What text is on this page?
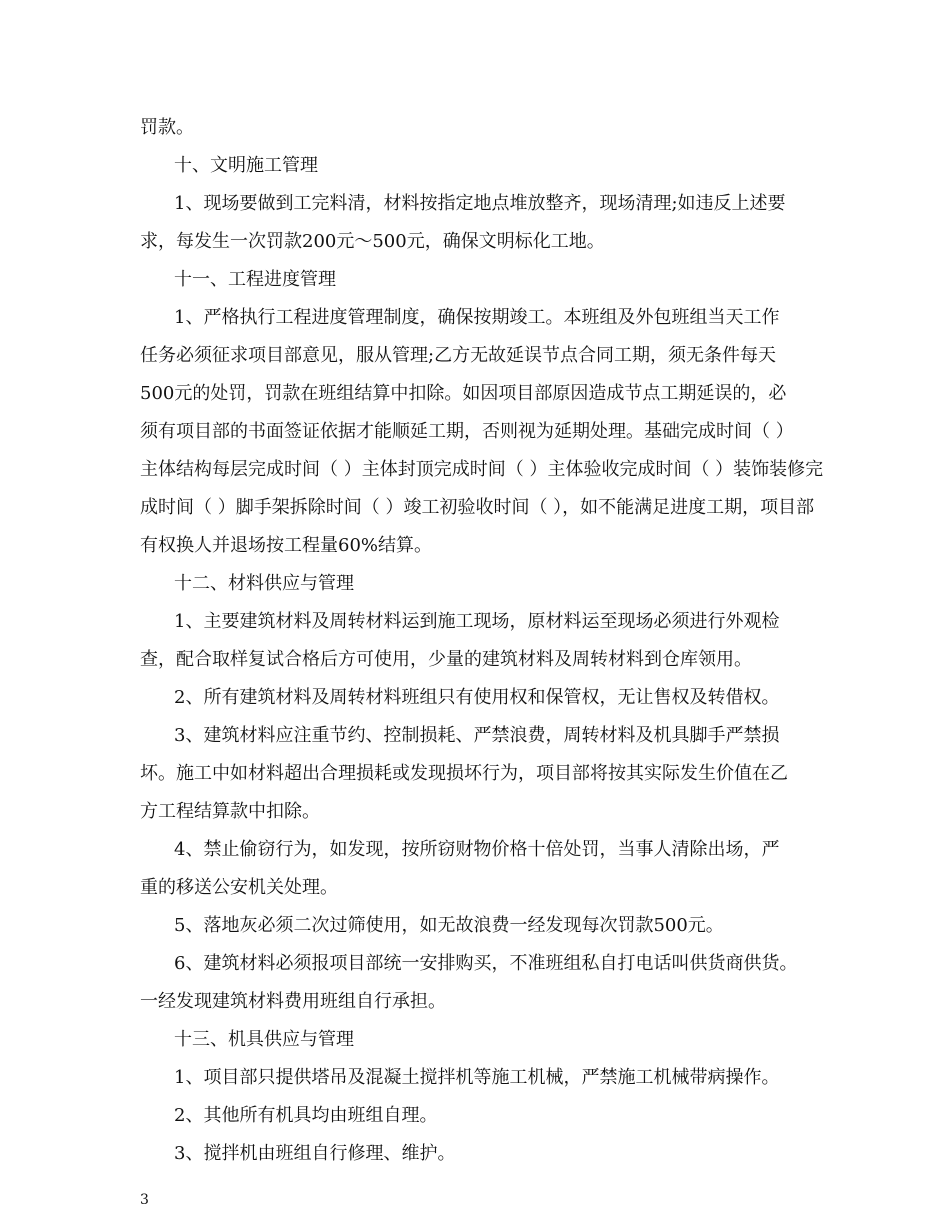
罚款。
十、文明施工管理
1、现场要做到工完料清，材料按指定地点堆放整齐，现场清理;如违反上述要
求，每发生一次罚款200元～500元，确保文明标化工地。
十一、工程进度管理
1、严格执行工程进度管理制度，确保按期竣工。本班组及外包班组当天工作
任务必须征求项目部意见，服从管理;乙方无故延误节点合同工期，须无条件每天
500元的处罚，罚款在班组结算中扣除。如因项目部原因造成节点工期延误的，必
须有项目部的书面签证依据才能顺延工期，否则视为延期处理。基础完成时间（ ）
主体结构每层完成时间（ ）主体封顶完成时间（ ）主体验收完成时间（ ）装饰装修完
成时间（ ）脚手架拆除时间（ ）竣工初验收时间（ ），如不能满足进度工期，项目部
有权换人并退场按工程量60%结算。
十二、材料供应与管理
1、主要建筑材料及周转材料运到施工现场，原材料运至现场必须进行外观检
查，配合取样复试合格后方可使用，少量的建筑材料及周转材料到仓库领用。
2、所有建筑材料及周转材料班组只有使用权和保管权，无让售权及转借权。
3、建筑材料应注重节约、控制损耗、严禁浪费，周转材料及机具脚手严禁损
坏。施工中如材料超出合理损耗或发现损坏行为，项目部将按其实际发生价值在乙
方工程结算款中扣除。
4、禁止偷窃行为，如发现，按所窃财物价格十倍处罚，当事人清除出场，严
重的移送公安机关处理。
5、落地灰必须二次过筛使用，如无故浪费一经发现每次罚款500元。
6、建筑材料必须报项目部统一安排购买，不准班组私自打电话叫供货商供货。
一经发现建筑材料费用班组自行承担。
十三、机具供应与管理
1、项目部只提供塔吊及混凝土搅拌机等施工机械，严禁施工机械带病操作。
2、其他所有机具均由班组自理。
3、搅拌机由班组自行修理、维护。
3
